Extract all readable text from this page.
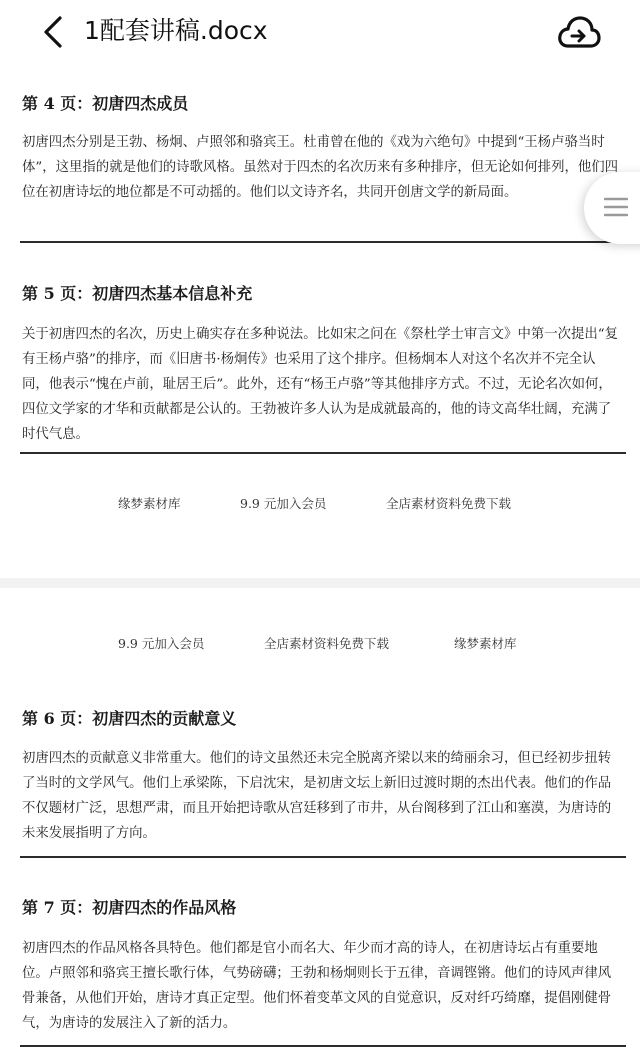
1配套讲稿.docx
第 4 页：初唐四杰成员
初唐四杰分别是王勃、杨炯、卢照邻和骆宾王。杜甫曾在他的《戏为六绝句》中提到“王杨卢骆当时体”，这里指的就是他们的诗歌风格。虽然对于四杰的名次历来有多种排序，但无论如何排列，他们四位在初唐诗坛的地位都是不可动摇的。他们以文诗齐名，共同开创唐文学的新局面。
第 5 页：初唐四杰基本信息补充
关于初唐四杰的名次，历史上确实存在多种说法。比如宋之问在《祭杜学士审言文》中第一次提出“复有王杨卢骆”的排序，而《旧唐书·杨炯传》也采用了这个排序。但杨炯本人对这个名次并不完全认同，他表示“愧在卢前，耻居王后”。此外，还有“杨王卢骆”等其他排序方式。不过，无论名次如何，四位文学家的才华和贡献都是公认的。王勃被许多人认为是成就最高的，他的诗文高华壮阔，充满了时代气息。
缘梦素材库	9.9 元加入会员	全店素材资料免费下载
9.9 元加入会员	全店素材资料免费下载	缘梦素材库
第 6 页：初唐四杰的贡献意义
初唐四杰的贡献意义非常重大。他们的诗文虽然还未完全脱离齐梁以来的绮丽余习，但已经初步扭转了当时的文学风气。他们上承梁陈，下启沈宋，是初唐文坛上新旧过渡时期的杰出代表。他们的作品不仅题材广泛，思想严肃，而且开始把诗歌从宫廷移到了市井，从台阁移到了江山和塞漠，为唐诗的未来发展指明了方向。
第 7 页：初唐四杰的作品风格
初唐四杰的作品风格各具特色。他们都是官小而名大、年少而才高的诗人，在初唐诗坛占有重要地位。卢照邻和骆宾王擅长歌行体，气势磅礴；王勃和杨炯则长于五律，音调铿锵。他们的诗风声律风骨兼备，从他们开始，唐诗才真正定型。他们怀着变革文风的自觉意识，反对纤巧绮靡，提倡刚健骨气，为唐诗的发展注入了新的活力。
